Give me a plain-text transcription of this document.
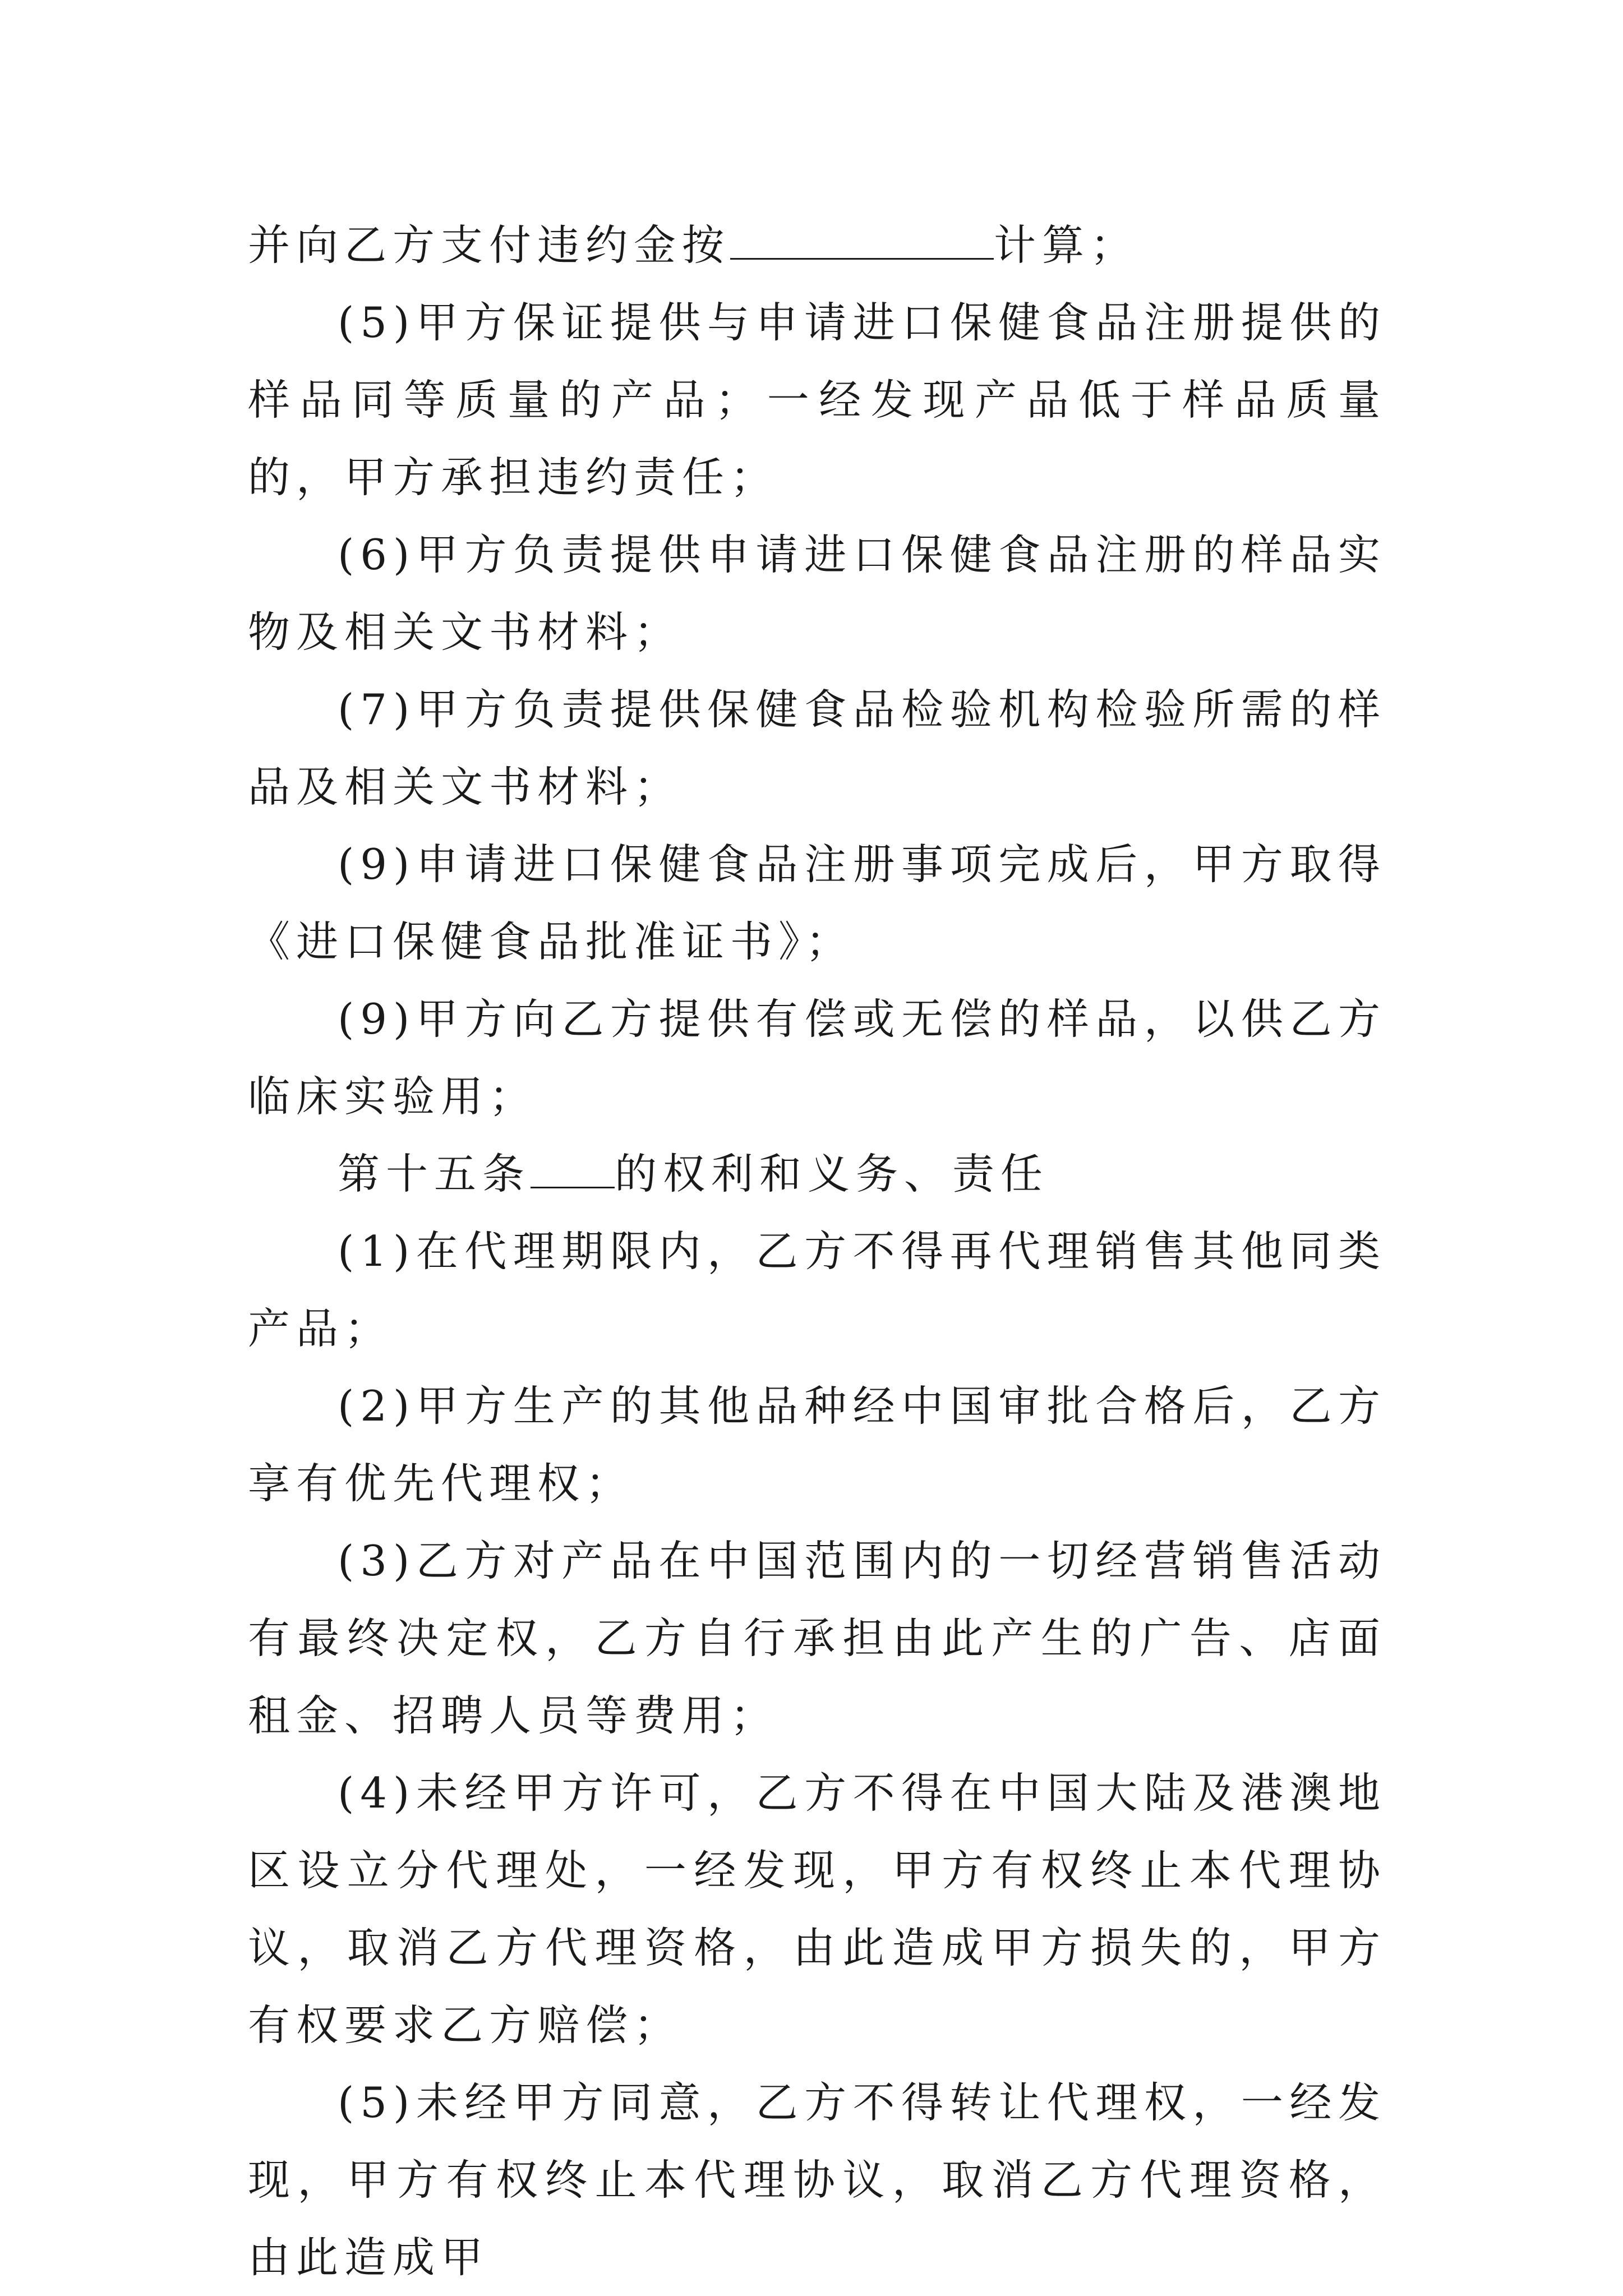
并向乙方支付违约金按	计算；

(5)甲方保证提供与申请进口保健食品注册提供的样品同等质量的产品；一经发现产品低于样品质量的，甲方承担违约责任；

(6)甲方负责提供申请进口保健食品注册的样品实物及相关文书材料；

(7)甲方负责提供保健食品检验机构检验所需的样品及相关文书材料；

(9)申请进口保健食品注册事项完成后，甲方取得《进口保健食品批准证书》；

(9)甲方向乙方提供有偿或无偿的样品，以供乙方临床实验用；

第十五条 的权利和义务、责任

(1)在代理期限内，乙方不得再代理销售其他同类产品；

(2)甲方生产的其他品种经中国审批合格后，乙方享有优先代理权；

(3)乙方对产品在中国范围内的一切经营销售活动有最终决定权，乙方自行承担由此产生的广告、店面租金、招聘人员等费用；

(4)未经甲方许可，乙方不得在中国大陆及港澳地区设立分代理处，一经发现，甲方有权终止本代理协议，取消乙方代理资格，由此造成甲方损失的，甲方有权要求乙方赔偿；

(5)未经甲方同意，乙方不得转让代理权，一经发现，甲方有权终止本代理协议，取消乙方代理资格，由此造成甲
